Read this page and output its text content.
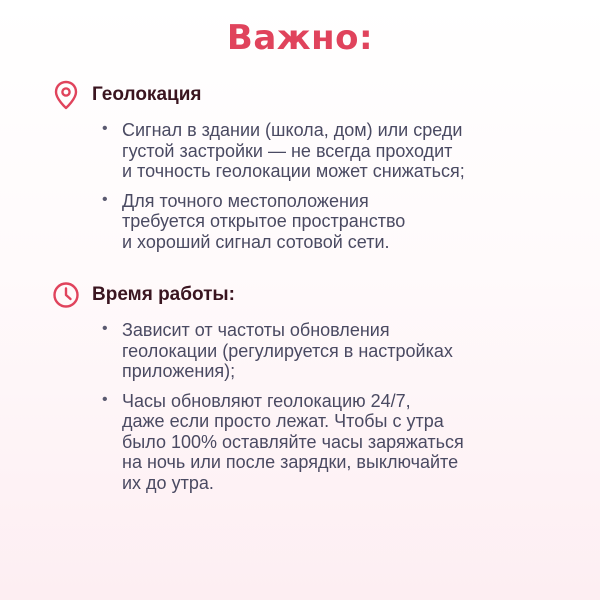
Важно:
Геолокация
• Сигнал в здании (школа, дом) или среди
густой застройки — не всегда проходит
и точность геолокации может снижаться;
• Для точного местоположения
требуется открытое пространство
и хороший сигнал сотовой сети.
Время работы:
• Зависит от частоты обновления
геолокации (регулируется в настройках
приложения);
• Часы обновляют геолокацию 24/7,
даже если просто лежат. Чтобы с утра
было 100% оставляйте часы заряжаться
на ночь или после зарядки, выключайте
их до утра.
